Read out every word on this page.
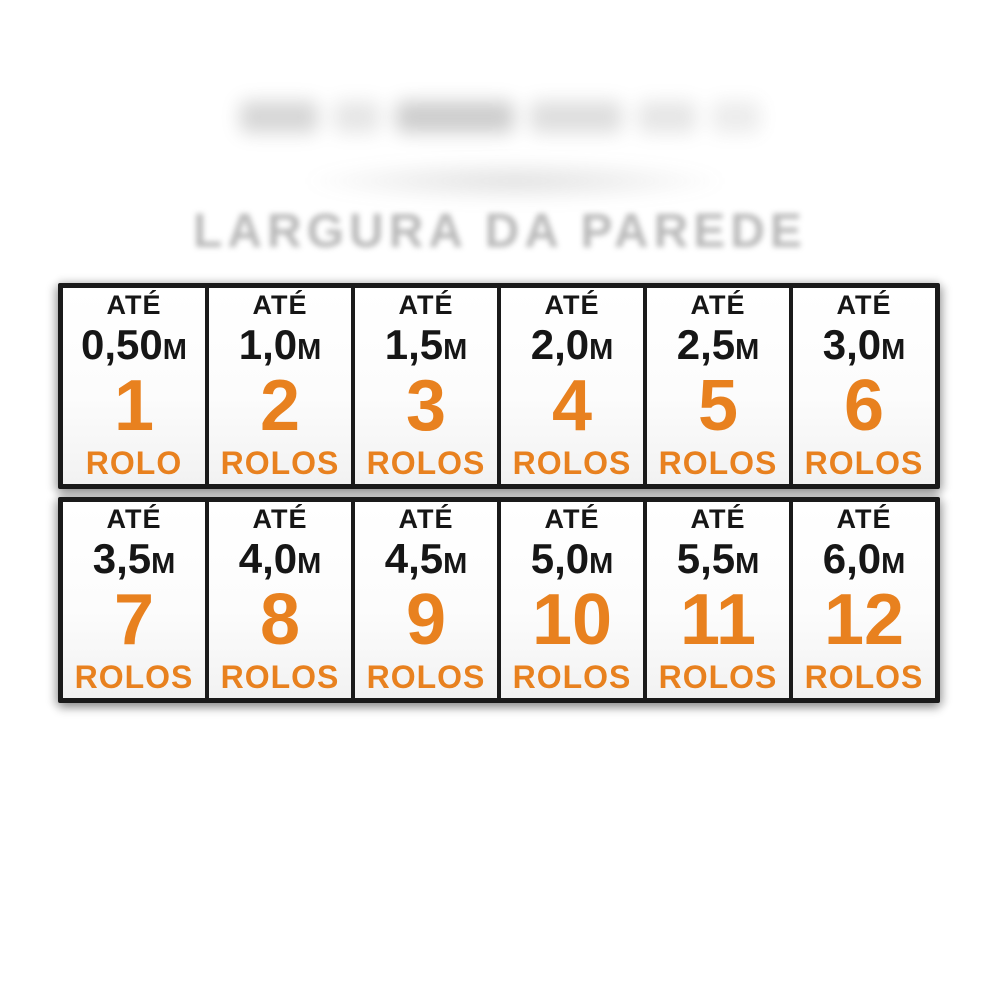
LARGURA DA PAREDE
ATÉ
0,50M
1
ROLO
ATÉ
1,0M
2
ROLOS
ATÉ
1,5M
3
ROLOS
ATÉ
2,0M
4
ROLOS
ATÉ
2,5M
5
ROLOS
ATÉ
3,0M
6
ROLOS
ATÉ
3,5M
7
ROLOS
ATÉ
4,0M
8
ROLOS
ATÉ
4,5M
9
ROLOS
ATÉ
5,0M
10
ROLOS
ATÉ
5,5M
11
ROLOS
ATÉ
6,0M
12
ROLOS
